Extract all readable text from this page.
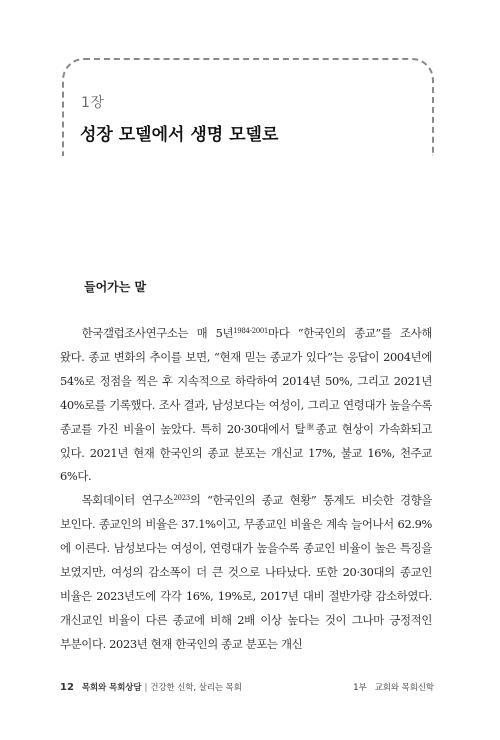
1장
성장 모델에서 생명 모델로
들어가는 말

한국갤럽조사연구소는 매 5년$^{1984-2001}$마다 “한국인의 종교”를 조사해 왔다. 종교 변화의 추이를 보면, “현재 믿는 종교가 있다”는 응답이 2004년에 54%로 정점을 찍은 후 지속적으로 하락하여 2014년 50%, 그리고 2021년 40%로를 기록했다. 조사 결과, 남성보다는 여성이, 그리고 연령대가 높을수록 종교를 가진 비율이 높았다. 특히 20·30대에서 탈$^脫$종교 현상이 가속화되고 있다. 2021년 현재 한국인의 종교 분포는 개신교 17%, 불교 16%, 천주교 6%다.

목회데이터 연구소$^{2023}$의 “한국인의 종교 현황” 통계도 비슷한 경향을 보인다. 종교인의 비율은 37.1%이고, 무종교인 비율은 계속 늘어나서 62.9%에 이른다. 남성보다는 여성이, 연령대가 높을수록 종교인 비율이 높은 특징을 보였지만, 여성의 감소폭이 더 큰 것으로 나타났다. 또한 20·30대의 종교인 비율은 2023년도에 각각 16%, 19%로, 2017년 대비 절반가량 감소하였다. 개신교인 비율이 다른 종교에 비해 2배 이상 높다는 것이 그나마 긍정적인 부분이다. 2023년 현재 한국인의 종교 분포는 개신

12 목회와 목회상담 | 건강한 신학, 살리는 목회	1부 교회와 목회신학
